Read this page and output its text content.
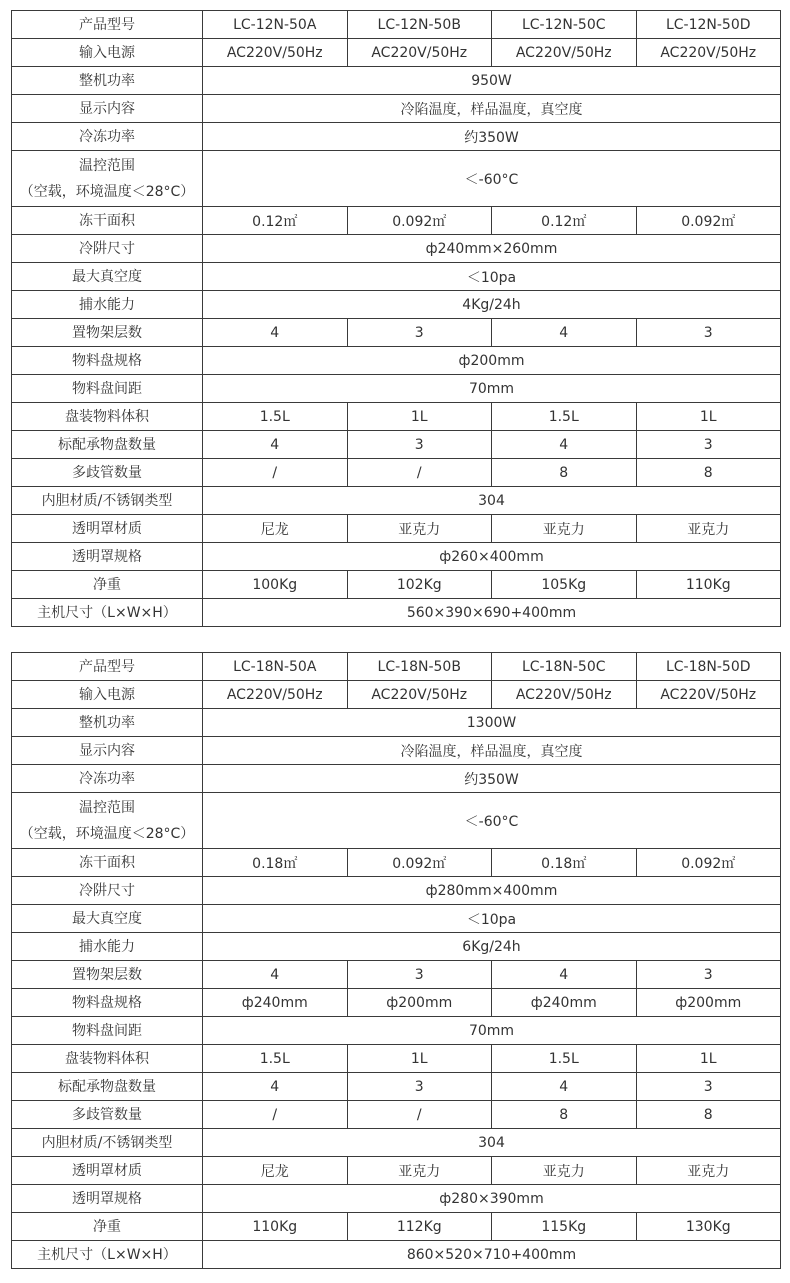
产品型号	LC-12N-50A	LC-12N-50B	LC-12N-50C	LC-12N-50D

输入电源	AC220V/50Hz	AC220V/50Hz	AC220V/50Hz	AC220V/50Hz

整机功率	950W			

显示内容	冷陷温度，样品温度，真空度			

冷冻功率	约350W			

温控范围
（空载，环境温度＜28°C）	＜-60°C			

冻干面积	0.12㎡	0.092㎡	0.12㎡	0.092㎡

冷阱尺寸	ф240mm×260mm			

最大真空度	＜10pa			

捕水能力	4Kg/24h			

置物架层数	4	3	4	3

物料盘规格	ф200mm			

物料盘间距	70mm			

盘装物料体积	1.5L	1L	1.5L	1L

标配承物盘数量	4	3	4	3

多歧管数量	/	/	8	8

内胆材质/不锈钢类型	304			

透明罩材质	尼龙	亚克力	亚克力	亚克力

透明罩规格	ф260×400mm			

净重	100Kg	102Kg	105Kg	110Kg

主机尺寸（L×W×H）	560×390×690+400mm			
产品型号	LC-18N-50A	LC-18N-50B	LC-18N-50C	LC-18N-50D

输入电源	AC220V/50Hz	AC220V/50Hz	AC220V/50Hz	AC220V/50Hz

整机功率	1300W			

显示内容	冷陷温度，样品温度，真空度			

冷冻功率	约350W			

温控范围
（空载，环境温度＜28°C）	＜-60°C			

冻干面积	0.18㎡	0.092㎡	0.18㎡	0.092㎡

冷阱尺寸	ф280mm×400mm			

最大真空度	＜10pa			

捕水能力	6Kg/24h			

置物架层数	4	3	4	3

物料盘规格	ф240mm	ф200mm	ф240mm	ф200mm

物料盘间距	70mm			

盘装物料体积	1.5L	1L	1.5L	1L

标配承物盘数量	4	3	4	3

多歧管数量	/	/	8	8

内胆材质/不锈钢类型	304			

透明罩材质	尼龙	亚克力	亚克力	亚克力

透明罩规格	ф280×390mm			

净重	110Kg	112Kg	115Kg	130Kg

主机尺寸（L×W×H）	860×520×710+400mm			
